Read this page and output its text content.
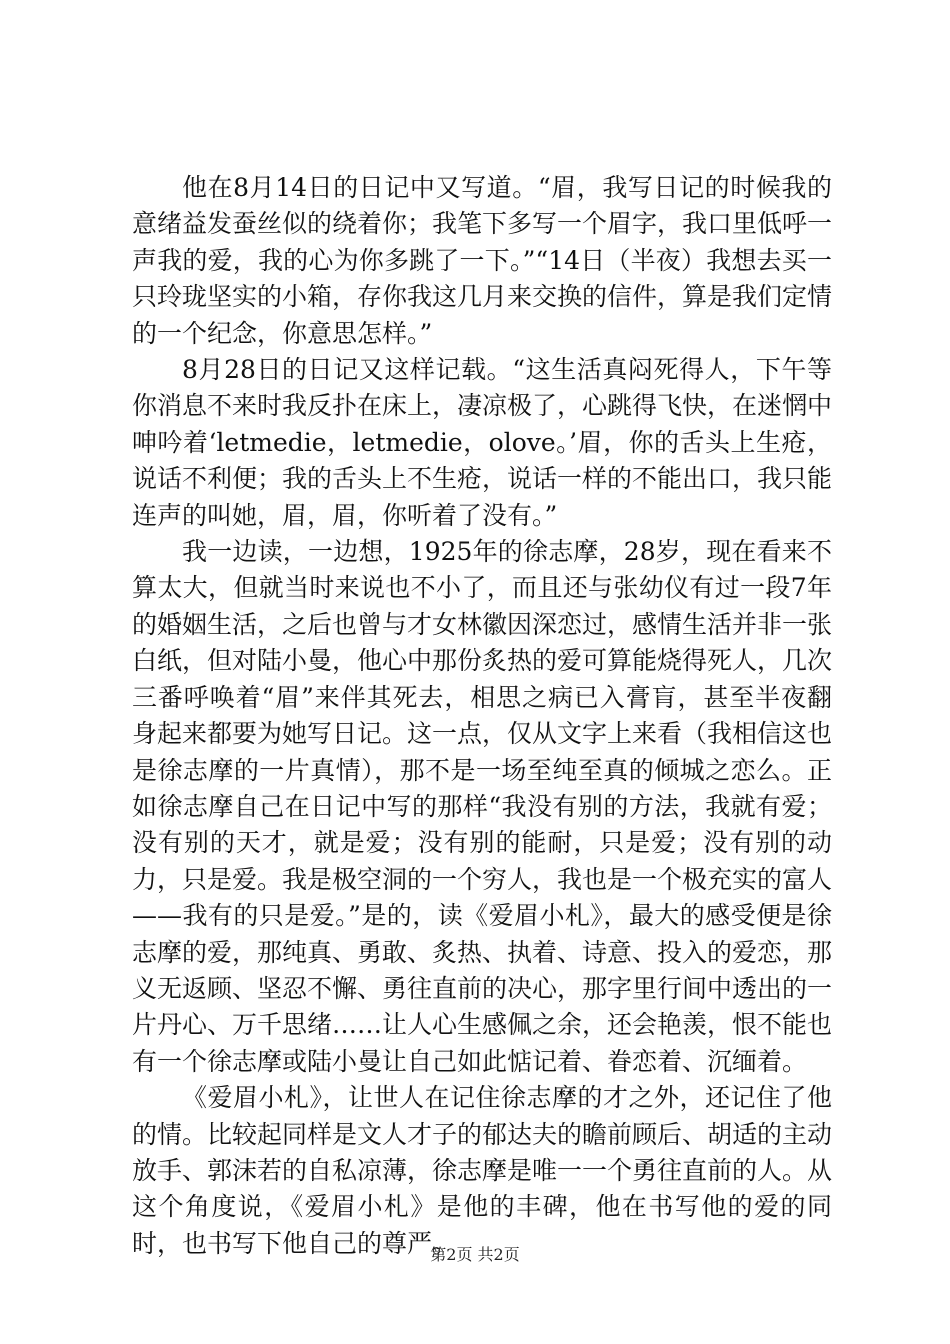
他在8月14日的日记中又写道。“眉，我写日记的时候我的意绪益发蚕丝似的绕着你；我笔下多写一个眉字，我口里低呼一声我的爱，我的心为你多跳了一下。”“14日（半夜）我想去买一只玲珑坚实的小箱，存你我这几月来交换的信件，算是我们定情的一个纪念，你意思怎样。”

8月28日的日记又这样记载。“这生活真闷死得人，下午等你消息不来时我反扑在床上，凄凉极了，心跳得飞快，在迷惘中呻吟着‘letmedie，letmedie，olove。’眉，你的舌头上生疮，说话不利便；我的舌头上不生疮，说话一样的不能出口，我只能连声的叫她，眉，眉，你听着了没有。”

我一边读，一边想，1925年的徐志摩，28岁，现在看来不算太大，但就当时来说也不小了，而且还与张幼仪有过一段7年的婚姻生活，之后也曾与才女林徽因深恋过，感情生活并非一张白纸，但对陆小曼，他心中那份炙热的爱可算能烧得死人，几次三番呼唤着“眉”来伴其死去，相思之病已入膏肓，甚至半夜翻身起来都要为她写日记。这一点，仅从文字上来看（我相信这也是徐志摩的一片真情），那不是一场至纯至真的倾城之恋么。正如徐志摩自己在日记中写的那样“我没有别的方法，我就有爱；没有别的天才，就是爱；没有别的能耐，只是爱；没有别的动力，只是爱。我是极空洞的一个穷人，我也是一个极充实的富人——我有的只是爱。”是的，读《爱眉小札》，最大的感受便是徐志摩的爱，那纯真、勇敢、炙热、执着、诗意、投入的爱恋，那义无返顾、坚忍不懈、勇往直前的决心，那字里行间中透出的一片丹心、万千思绪……让人心生感佩之余，还会艳羡，恨不能也有一个徐志摩或陆小曼让自己如此惦记着、眷恋着、沉缅着。

《爱眉小札》，让世人在记住徐志摩的才之外，还记住了他的情。比较起同样是文人才子的郁达夫的瞻前顾后、胡适的主动放手、郭沫若的自私凉薄，徐志摩是唯一一个勇往直前的人。从这个角度说，《爱眉小札》是他的丰碑，他在书写他的爱的同时，也书写下他自己的尊严。

第2页 共2页
